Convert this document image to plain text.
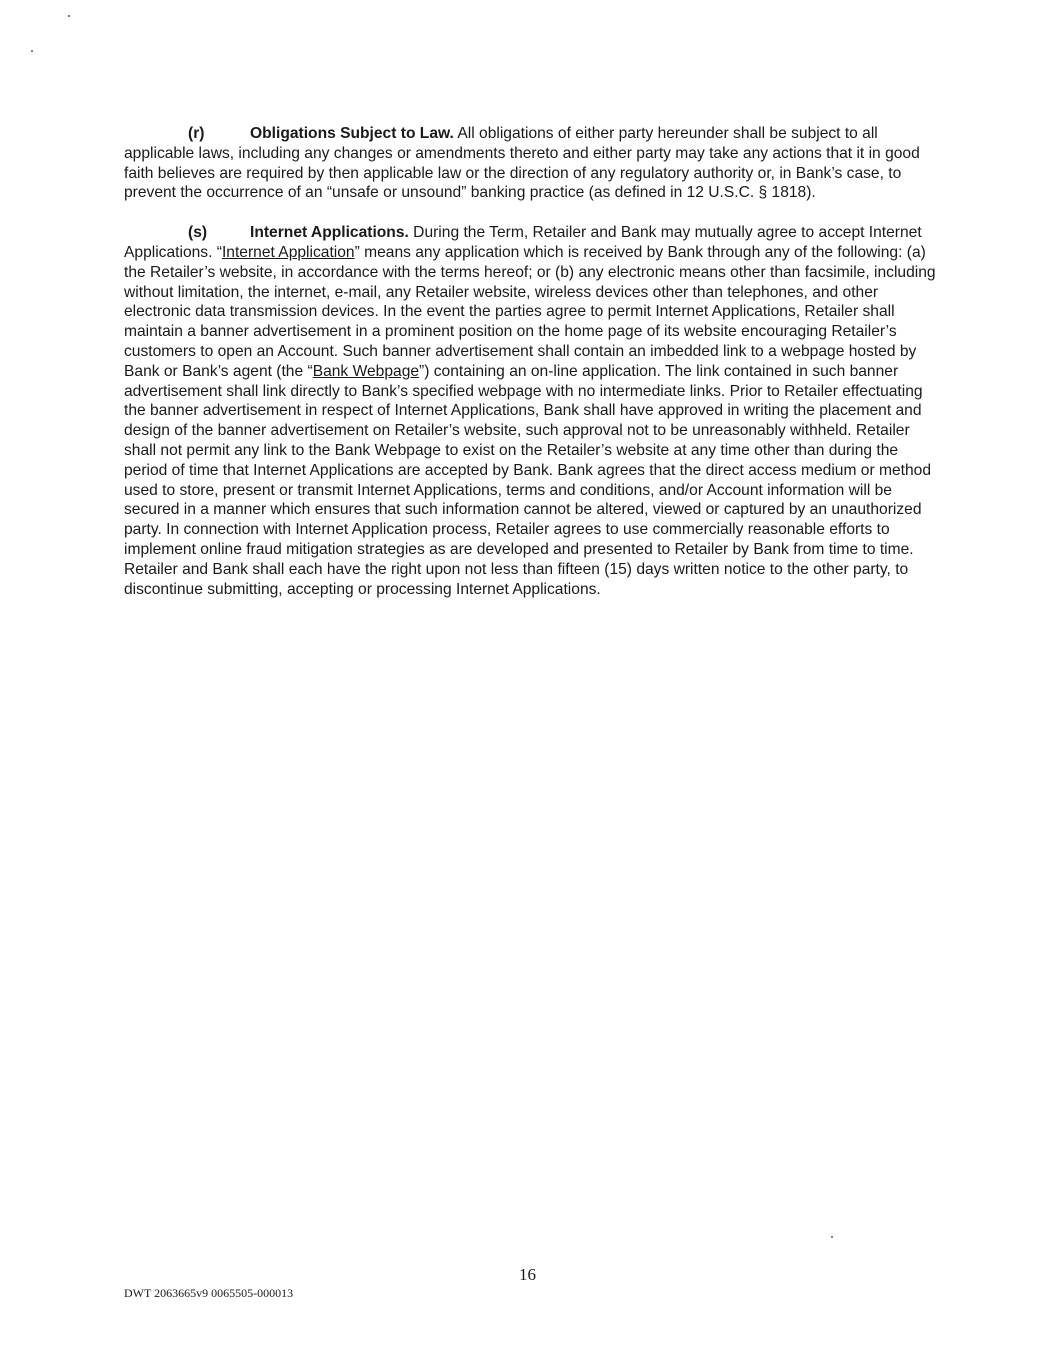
(r)	Obligations Subject to Law. All obligations of either party hereunder shall be subject to all applicable laws, including any changes or amendments thereto and either party may take any actions that it in good faith believes are required by then applicable law or the direction of any regulatory authority or, in Bank’s case, to prevent the occurrence of an “unsafe or unsound” banking practice (as defined in 12 U.S.C. § 1818).

(s)	Internet Applications. During the Term, Retailer and Bank may mutually agree to accept Internet Applications. “Internet Application” means any application which is received by Bank through any of the following: (a) the Retailer’s website, in accordance with the terms hereof; or (b) any electronic means other than facsimile, including without limitation, the internet, e-mail, any Retailer website, wireless devices other than telephones, and other electronic data transmission devices. In the event the parties agree to permit Internet Applications, Retailer shall maintain a banner advertisement in a prominent position on the home page of its website encouraging Retailer’s customers to open an Account. Such banner advertisement shall contain an imbedded link to a webpage hosted by Bank or Bank’s agent (the “Bank Webpage”) containing an on-line application. The link contained in such banner advertisement shall link directly to Bank’s specified webpage with no intermediate links. Prior to Retailer effectuating the banner advertisement in respect of Internet Applications, Bank shall have approved in writing the placement and design of the banner advertisement on Retailer’s website, such approval not to be unreasonably withheld. Retailer shall not permit any link to the Bank Webpage to exist on the Retailer’s website at any time other than during the period of time that Internet Applications are accepted by Bank. Bank agrees that the direct access medium or method used to store, present or transmit Internet Applications, terms and conditions, and/or Account information will be secured in a manner which ensures that such information cannot be altered, viewed or captured by an unauthorized party. In connection with Internet Application process, Retailer agrees to use commercially reasonable efforts to implement online fraud mitigation strategies as are developed and presented to Retailer by Bank from time to time. Retailer and Bank shall each have the right upon not less than fifteen (15) days written notice to the other party, to discontinue submitting, accepting or processing Internet Applications.

16
DWT 2063665v9 0065505-000013
